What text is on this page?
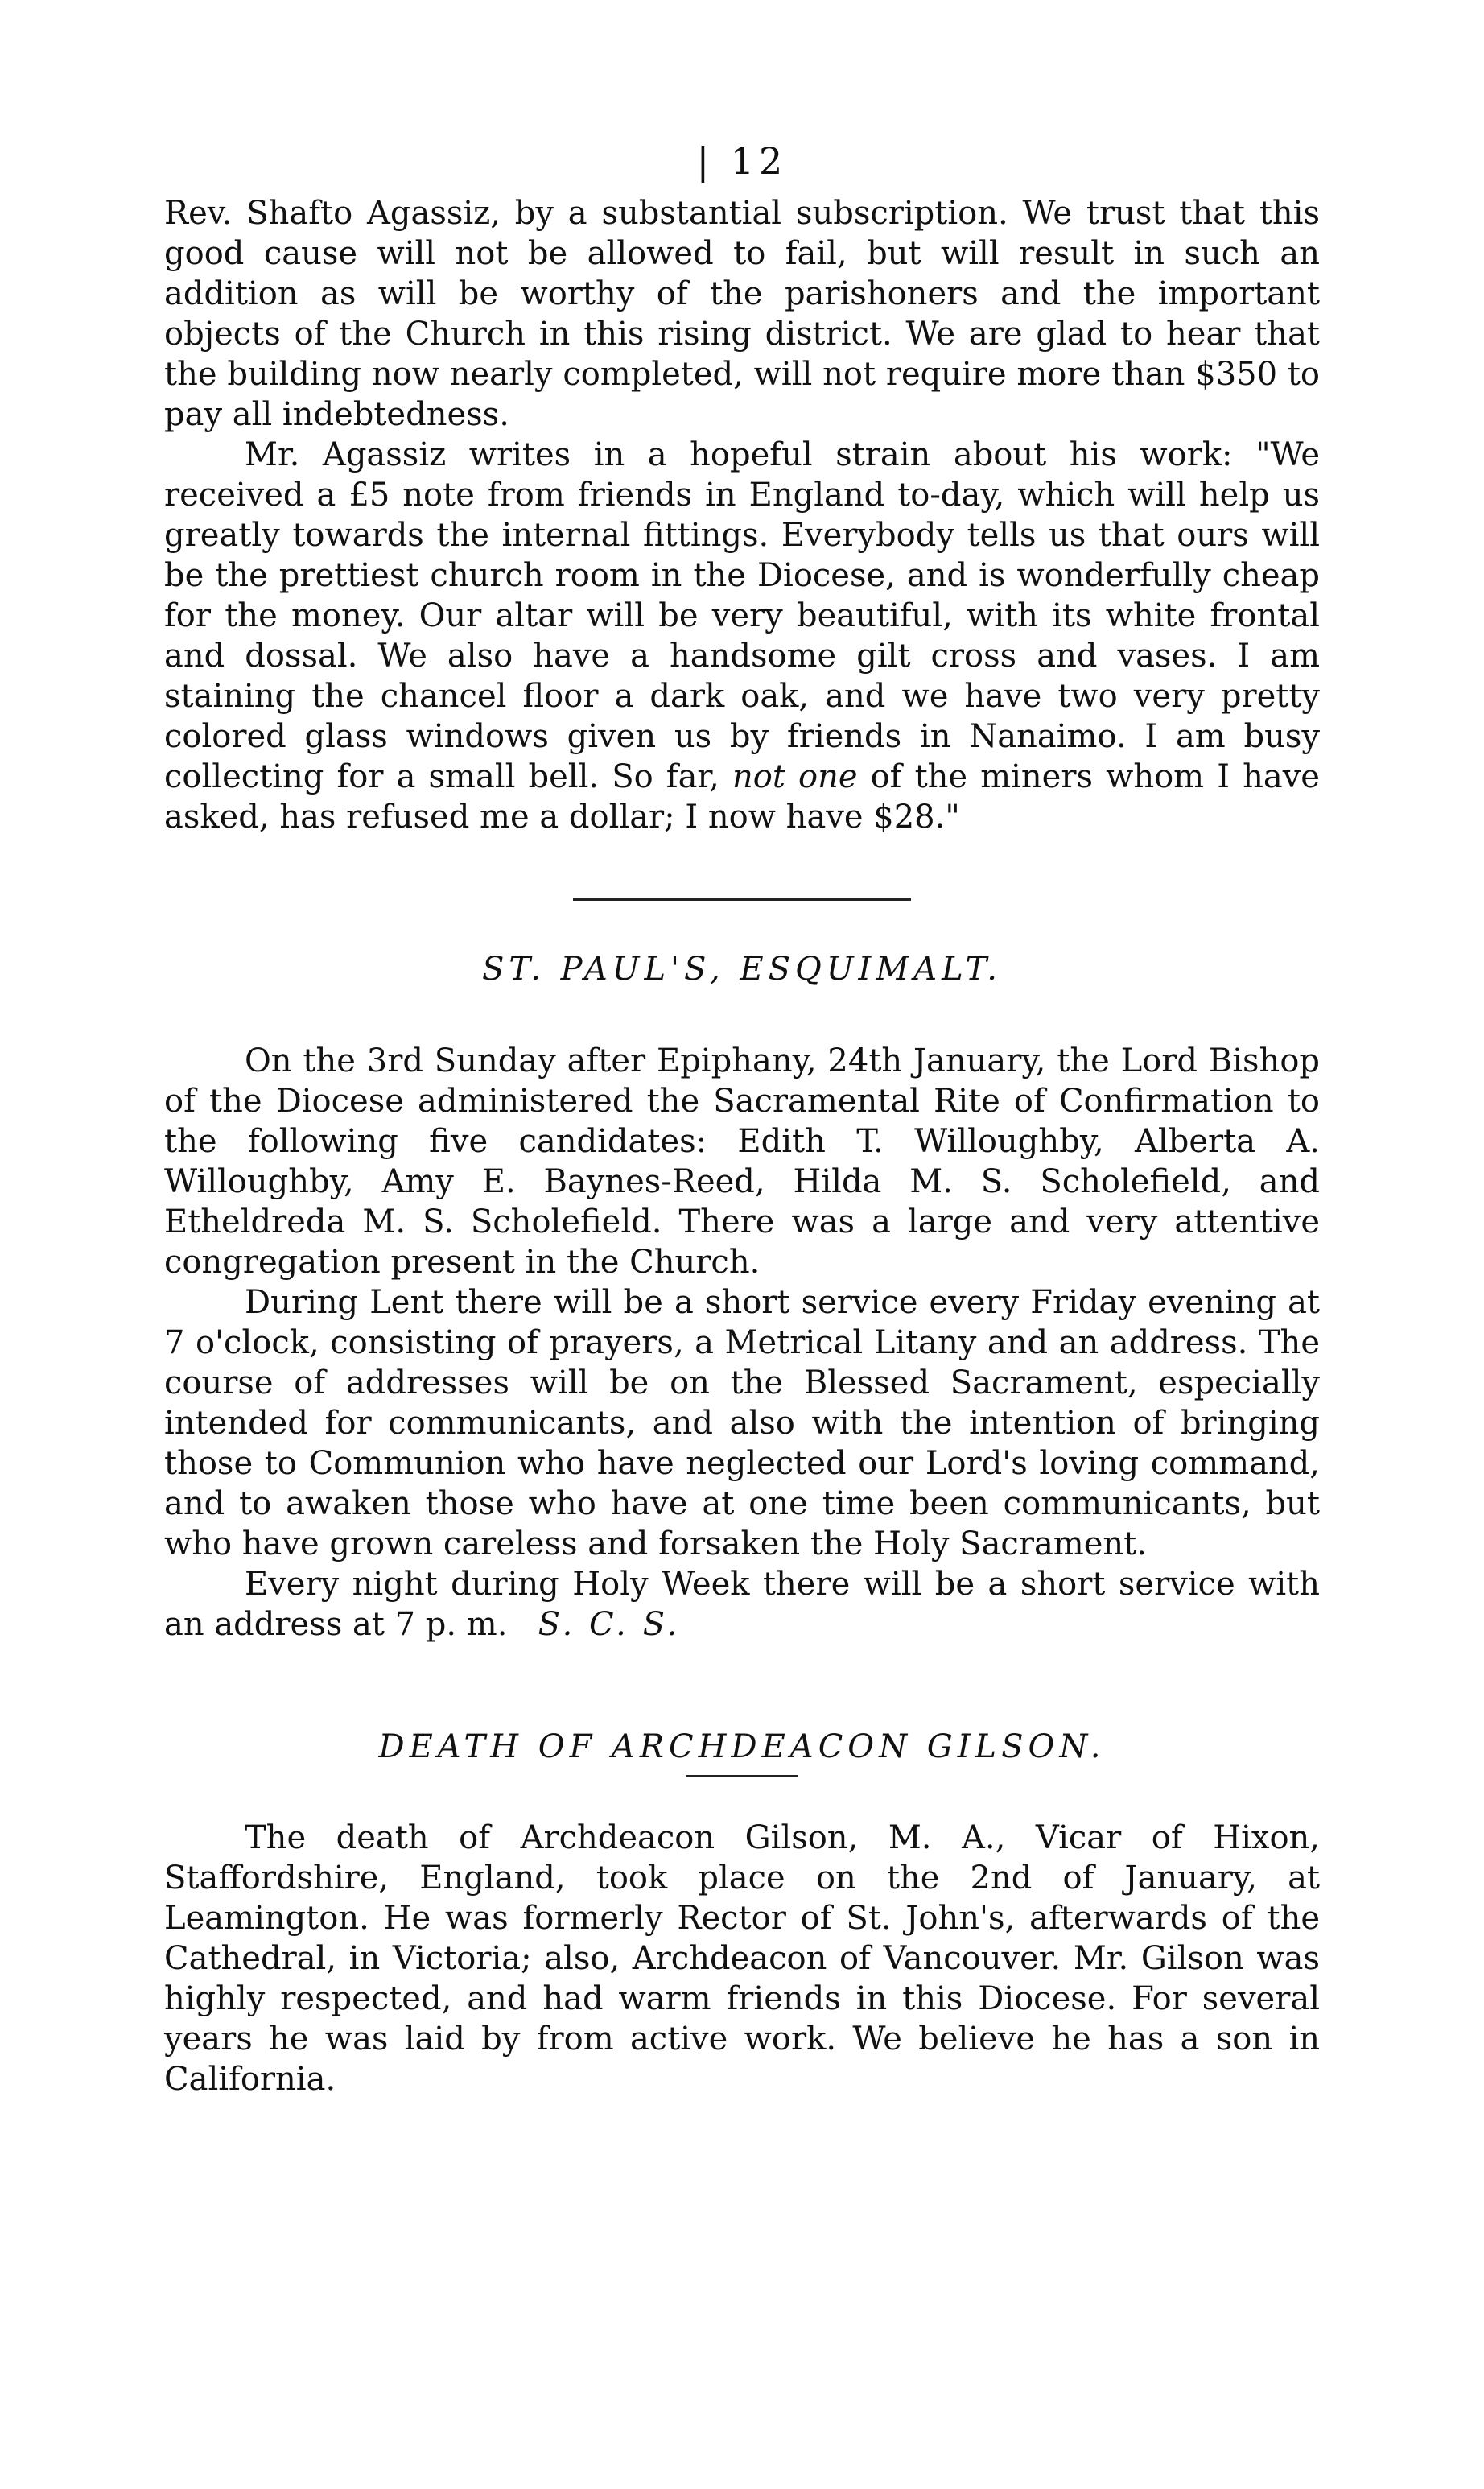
| 12

Rev. Shafto Agassiz, by a substantial subscription. We trust that this good cause will not be allowed to fail, but will result in such an addition as will be worthy of the parishoners and the important objects of the Church in this rising district. We are glad to hear that the building now nearly completed, will not require more than $350 to pay all indebtedness.

Mr. Agassiz writes in a hopeful strain about his work: "We received a £5 note from friends in England to-day, which will help us greatly towards the internal fittings. Everybody tells us that ours will be the prettiest church room in the Diocese, and is wonderfully cheap for the money. Our altar will be very beautiful, with its white frontal and dossal. We also have a handsome gilt cross and vases. I am staining the chancel floor a dark oak, and we have two very pretty colored glass windows given us by friends in Nanaimo. I am busy collecting for a small bell. So far, not one of the miners whom I have asked, has refused me a dollar; I now have $28."

ST. PAUL'S, ESQUIMALT.

On the 3rd Sunday after Epiphany, 24th January, the Lord Bishop of the Diocese administered the Sacramental Rite of Confirmation to the following five candidates: Edith T. Willoughby, Alberta A. Willoughby, Amy E. Baynes-Reed, Hilda M. S. Scholefield, and Etheldreda M. S. Scholefield. There was a large and very attentive congregation present in the Church.

During Lent there will be a short service every Friday evening at 7 o'clock, consisting of prayers, a Metrical Litany and an address. The course of addresses will be on the Blessed Sacrament, especially intended for communicants, and also with the intention of bringing those to Communion who have neglected our Lord's loving command, and to awaken those who have at one time been communicants, but who have grown careless and forsaken the Holy Sacrament.

Every night during Holy Week there will be a short service with an address at 7 p. m. S. C. S.

DEATH OF ARCHDEACON GILSON.

The death of Archdeacon Gilson, M. A., Vicar of Hixon, Staffordshire, England, took place on the 2nd of January, at Leamington. He was formerly Rector of St. John's, afterwards of the Cathedral, in Victoria; also, Archdeacon of Vancouver. Mr. Gilson was highly respected, and had warm friends in this Diocese. For several years he was laid by from active work. We believe he has a son in California.
